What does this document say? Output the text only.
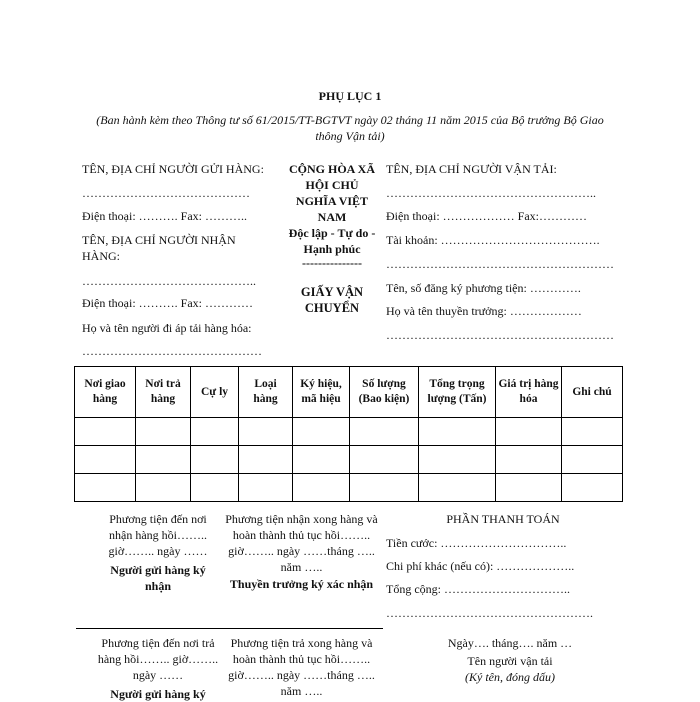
PHỤ LỤC 1
(Ban hành kèm theo Thông tư số 61/2015/TT-BGTVT ngày 02 tháng 11 năm 2015 của Bộ trưởng Bộ Giao
thông Vận tải)
TÊN, ĐỊA CHỈ NGƯỜI GỬI HÀNG:
……………………………………
Điện thoại: ………. Fax: ………..
TÊN, ĐỊA CHỈ NGƯỜI NHẬN
HÀNG:
……………………………………..
Điện thoại: ………. Fax: …………
Họ và tên người đi áp tải hàng hóa:
………………………………………
CỘNG HÒA XÃ
HỘI CHỦ
NGHĨA VIỆT
NAM
Độc lập - Tự do -
Hạnh phúc
---------------
GIẤY VẬN
CHUYỂN
TÊN, ĐỊA CHỈ NGƯỜI VẬN TẢI:
……………………………………………..
Điện thoại: ……………… Fax:…………
Tài khoản: ………………………………….
…………………………………………………
Tên, số đăng ký phương tiện: ………….
Họ và tên thuyền trưởng: ………………
…………………………………………………
Nơi giao
hàng	Nơi trả
hàng	Cự ly	Loại
hàng	Ký hiệu,
mã hiệu	Số lượng
(Bao kiện)	Tổng trọng
lượng (Tấn)	Giá trị hàng
hóa	Ghi chú

Phương tiện đến nơi
nhận hàng hồi……..
giờ…….. ngày ……
Người gửi hàng ký
nhận
Phương tiện nhận xong hàng và
hoàn thành thủ tục hồi……..
giờ…….. ngày ……tháng …..
năm …..
Thuyền trưởng ký xác nhận
PHẦN THANH TOÁN
Tiền cước: …………………………..
Chi phí khác (nếu có): ………………..
Tổng cộng: …………………………..
…………………………………………….
Phương tiện đến nơi trả
hàng hồi…….. giờ……..
ngày ……
Người gửi hàng ký
Phương tiện trả xong hàng và
hoàn thành thủ tục hồi……..
giờ…….. ngày ……tháng …..
năm …..
Ngày…. tháng…. năm …
Tên người vận tải
(Ký tên, đóng dấu)
